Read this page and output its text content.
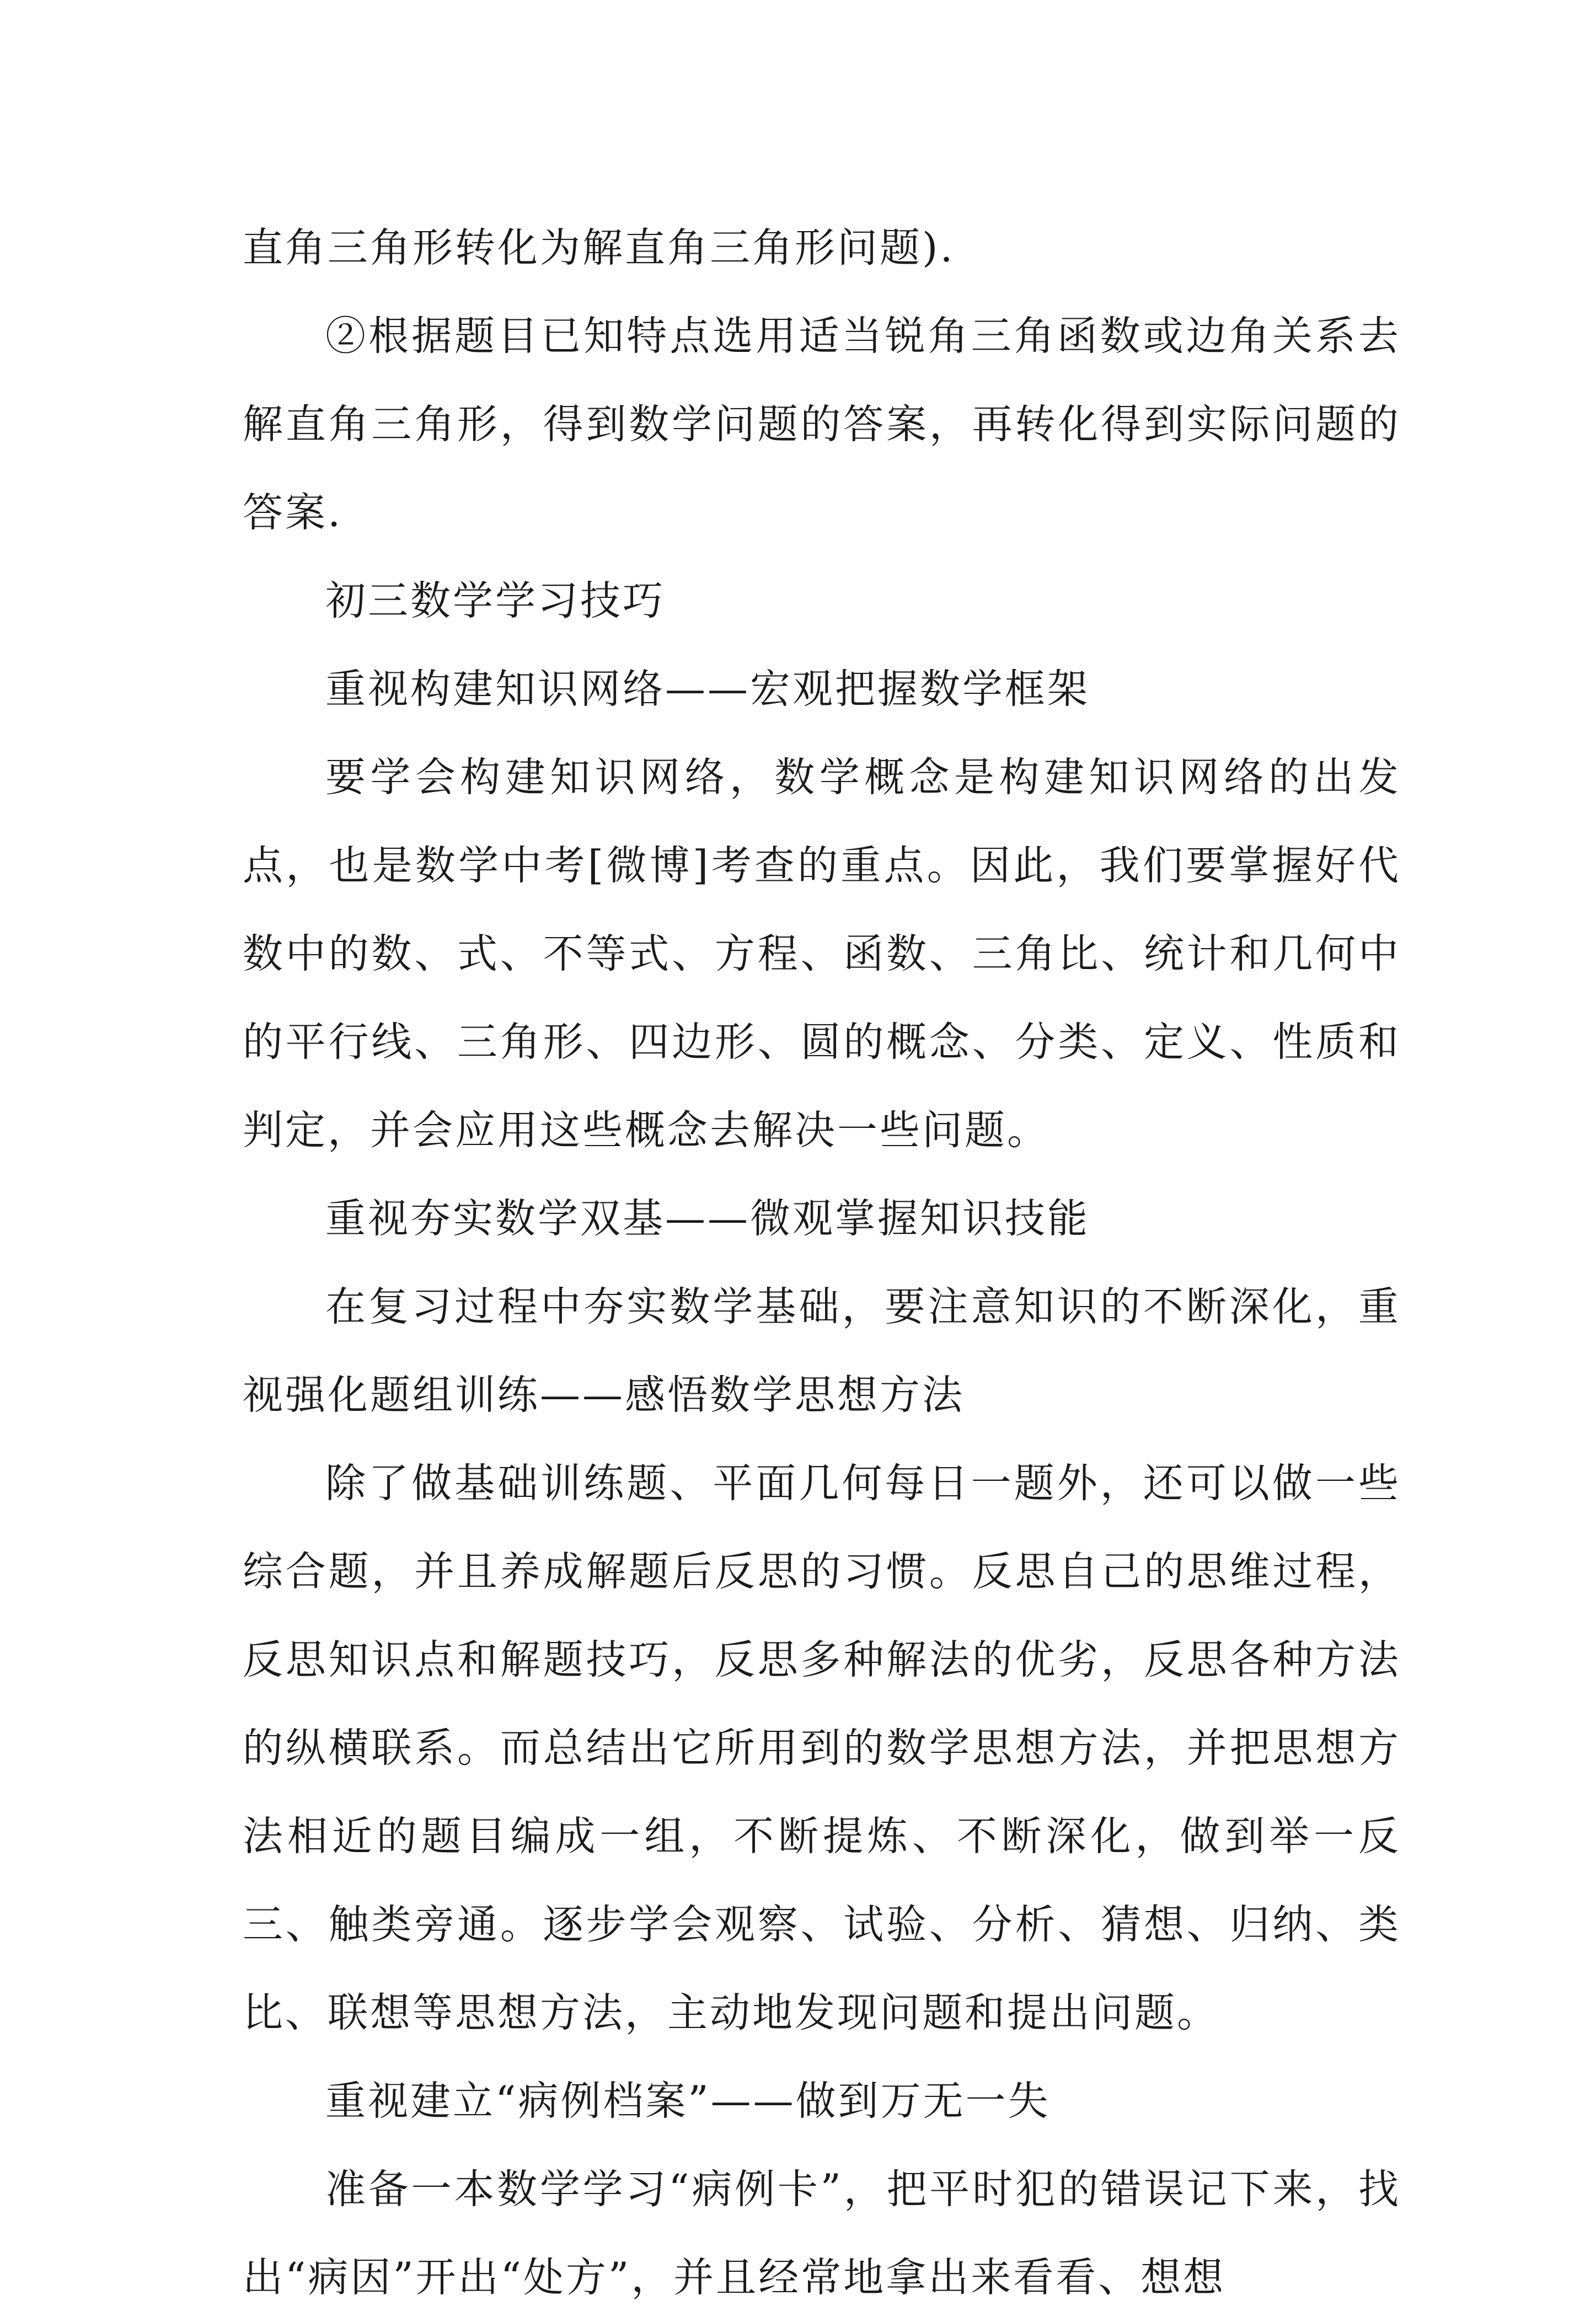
直角三角形转化为解直角三角形问题).

②根据题目已知特点选用适当锐角三角函数或边角关系去解直角三角形，得到数学问题的答案，再转化得到实际问题的答案.

初三数学学习技巧

重视构建知识网络——宏观把握数学框架

要学会构建知识网络，数学概念是构建知识网络的出发点，也是数学中考[微博]考查的重点。因此，我们要掌握好代数中的数、式、不等式、方程、函数、三角比、统计和几何中的平行线、三角形、四边形、圆的概念、分类、定义、性质和判定，并会应用这些概念去解决一些问题。

重视夯实数学双基——微观掌握知识技能

在复习过程中夯实数学基础，要注意知识的不断深化，重视强化题组训练——感悟数学思想方法

除了做基础训练题、平面几何每日一题外，还可以做一些综合题，并且养成解题后反思的习惯。反思自己的思维过程，反思知识点和解题技巧，反思多种解法的优劣，反思各种方法的纵横联系。而总结出它所用到的数学思想方法，并把思想方法相近的题目编成一组，不断提炼、不断深化，做到举一反三、触类旁通。逐步学会观察、试验、分析、猜想、归纳、类比、联想等思想方法，主动地发现问题和提出问题。

重视建立“病例档案”——做到万无一失

准备一本数学学习“病例卡”，把平时犯的错误记下来，找出“病因”开出“处方”，并且经常地拿出来看看、想想
